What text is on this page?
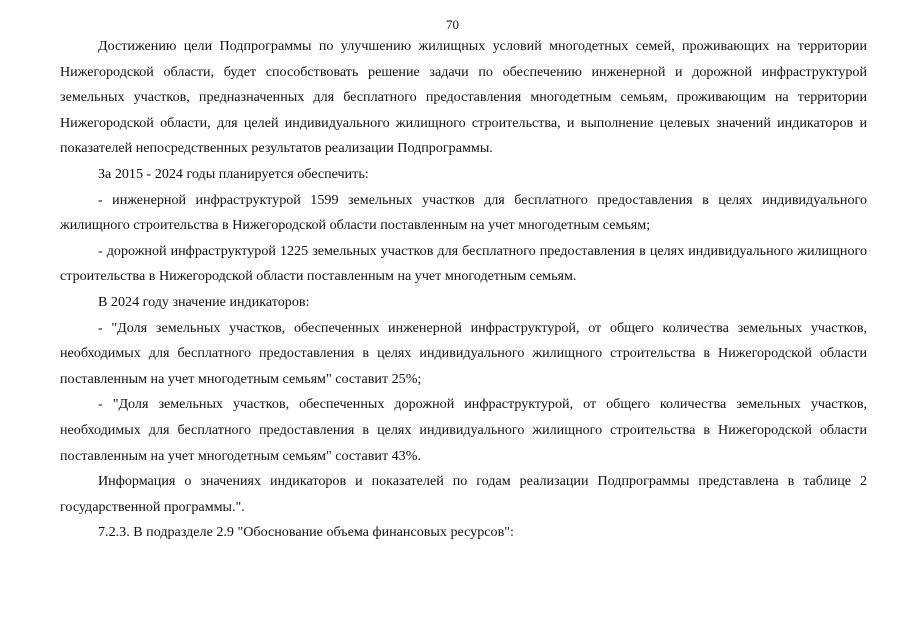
70

Достижению цели Подпрограммы по улучшению жилищных условий многодетных семей, проживающих на территории Нижегородской области, будет способствовать решение задачи по обеспечению инженерной и дорожной инфраструктурой земельных участков, предназначенных для бесплатного предоставления многодетным семьям, проживающим на территории Нижегородской области, для целей индивидуального жилищного строительства, и выполнение целевых значений индикаторов и показателей непосредственных результатов реализации Подпрограммы.

За 2015 - 2024 годы планируется обеспечить:

- инженерной инфраструктурой 1599 земельных участков для бесплатного предоставления в целях индивидуального жилищного строительства в Нижегородской области поставленным на учет многодетным семьям;

- дорожной инфраструктурой 1225 земельных участков для бесплатного предоставления в целях индивидуального жилищного строительства в Нижегородской области поставленным на учет многодетным семьям.

В 2024 году значение индикаторов:

- "Доля земельных участков, обеспеченных инженерной инфраструктурой, от общего количества земельных участков, необходимых для бесплатного предоставления в целях индивидуального жилищного строительства в Нижегородской области поставленным на учет многодетным семьям" составит 25%;

- "Доля земельных участков, обеспеченных дорожной инфраструктурой, от общего количества земельных участков, необходимых для бесплатного предоставления в целях индивидуального жилищного строительства в Нижегородской области поставленным на учет многодетным семьям" составит 43%.

Информация о значениях индикаторов и показателей по годам реализации Подпрограммы представлена в таблице 2 государственной программы.".

7.2.3. В подразделе 2.9 "Обоснование объема финансовых ресурсов":
